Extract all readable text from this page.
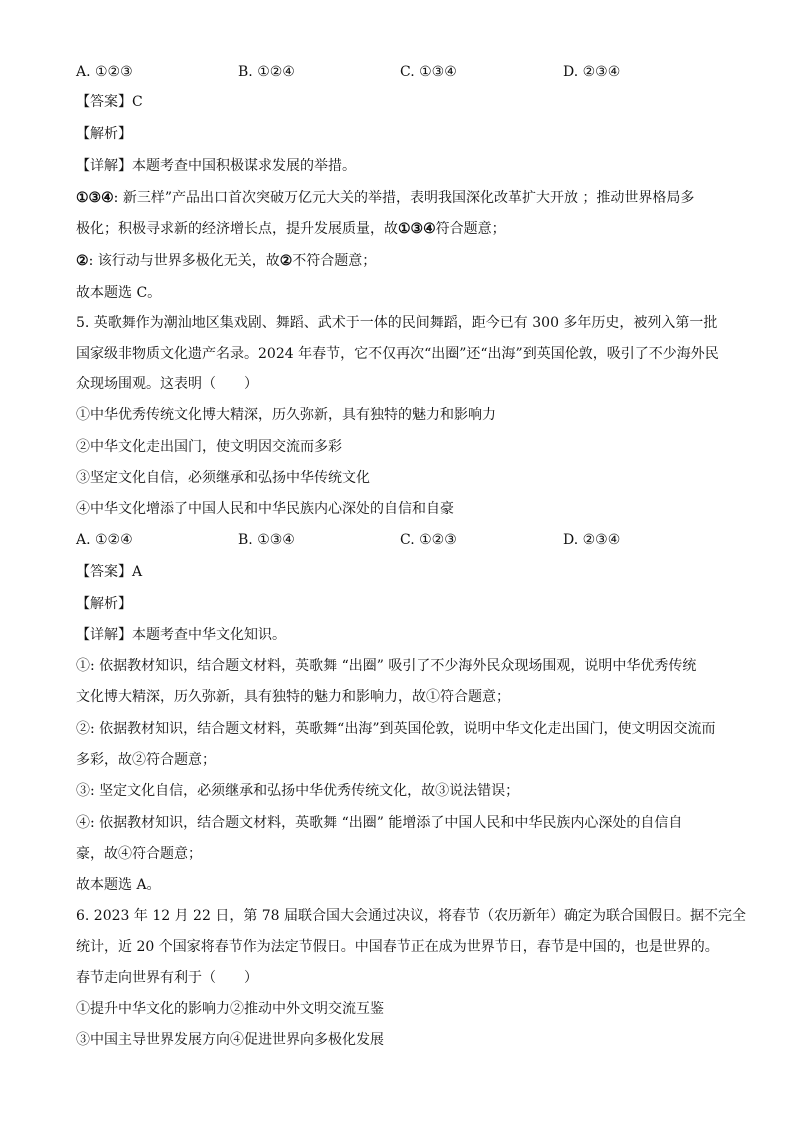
A. ①②③	B. ①②④	C. ①③④	D. ②③④
【答案】C
【解析】
【详解】本题考查中国积极谋求发展的举措。
①③④: 新三样”产品出口首次突破万亿元大关的举措，表明我国深化改革扩大开放 ；推动世界格局多
极化；积极寻求新的经济增长点，提升发展质量，故①③④符合题意；
②: 该行动与世界多极化无关，故②不符合题意；
故本题选 C。
5. 英歌舞作为潮汕地区集戏剧、舞蹈、武术于一体的民间舞蹈，距今已有 300 多年历史，被列入第一批
国家级非物质文化遗产名录。2024 年春节，它不仅再次“出圈”还“出海”到英国伦敦，吸引了不少海外民
众现场围观。这表明（　　）
①中华优秀传统文化博大精深，历久弥新，具有独特的魅力和影响力
②中华文化走出国门，使文明因交流而多彩
③坚定文化自信，必须继承和弘扬中华传统文化
④中华文化增添了中国人民和中华民族内心深处的自信和自豪
A. ①②④	B. ①③④	C. ①②③	D. ②③④
【答案】A
【解析】
【详解】本题考查中华文化知识。
①: 依据教材知识，结合题文材料，英歌舞 “出圈” 吸引了不少海外民众现场围观，说明中华优秀传统
文化博大精深，历久弥新，具有独特的魅力和影响力，故①符合题意；
②: 依据教材知识，结合题文材料，英歌舞“出海”到英国伦敦，说明中华文化走出国门，使文明因交流而
多彩，故②符合题意；
③: 坚定文化自信，必须继承和弘扬中华优秀传统文化，故③说法错误；
④: 依据教材知识，结合题文材料，英歌舞 “出圈” 能增添了中国人民和中华民族内心深处的自信自
豪，故④符合题意；
故本题选 A。
6. 2023 年 12 月 22 日，第 78 届联合国大会通过决议，将春节（农历新年）确定为联合国假日。据不完全
统计，近 20 个国家将春节作为法定节假日。中国春节正在成为世界节日，春节是中国的，也是世界的。
春节走向世界有利于（　　）
①提升中华文化的影响力②推动中外文明交流互鉴
③中国主导世界发展方向④促进世界向多极化发展
